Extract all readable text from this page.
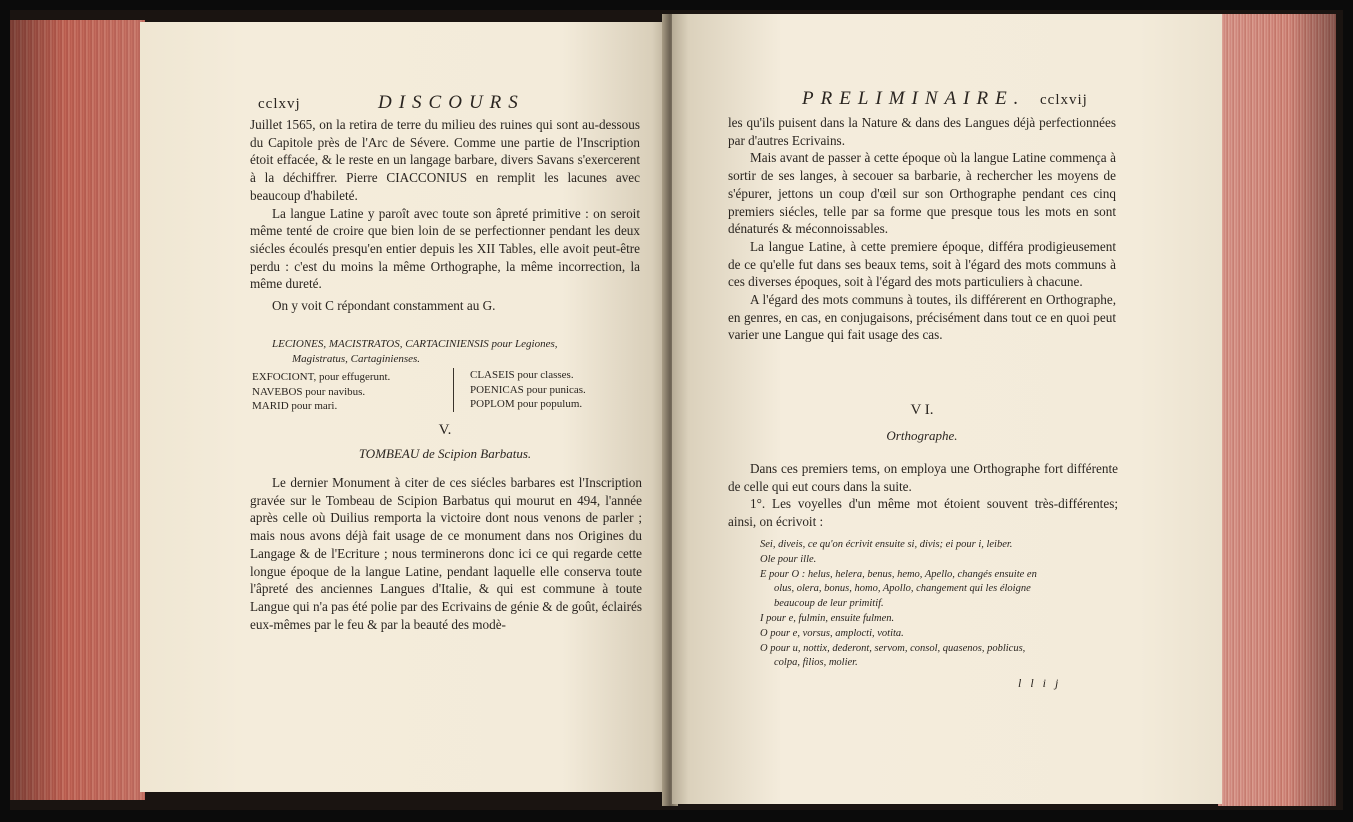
cclxvj	DISCOURS

Juillet 1565, on la retira de terre du milieu des ruines qui sont au-dessous du Capitole près de l'Arc de Sévere. Comme une partie de l'Inscription étoit effacée, & le reste en un langage barbare, divers Savans s'exercerent à la déchiffrer. Pierre CIACCONIUS en remplit les lacunes avec beaucoup d'habileté.

La langue Latine y paroît avec toute son âpreté primitive : on seroit même tenté de croire que bien loin de se perfectionner pendant les deux siécles écoulés presqu'en entier depuis les XII Tables, elle avoit peut-être perdu : c'est du moins la même Orthographe, la même incorrection, la même dureté.

On y voit C répondant constamment au G.

LECIONES, MACISTRATOS, CARTACINIENSIS pour Legiones,
Magistratus, Cartaginienses.
EXFOCIONT, pour effugerunt.
NAVEBOS pour navibus.
MARID pour mari.
CLASEIS pour classes.
POENICAS pour punicas.
POPLOM pour populum.
V.
TOMBEAU de Scipion Barbatus.

Le dernier Monument à citer de ces siécles barbares est l'Inscription gravée sur le Tombeau de Scipion Barbatus qui mourut en 494, l'année après celle où Duilius remporta la victoire dont nous venons de parler ; mais nous avons déjà fait usage de ce monument dans nos Origines du Langage & de l'Ecriture ; nous terminerons donc ici ce qui regarde cette longue époque de la langue Latine, pendant laquelle elle conserva toute l'âpreté des anciennes Langues d'Italie, & qui est commune à toute Langue qui n'a pas été polie par des Ecrivains de génie & de goût, éclairés eux-mêmes par le feu & par la beauté des modè-

PRELIMINAIRE. cclxvij

les qu'ils puisent dans la Nature & dans des Langues déjà perfectionnées par d'autres Ecrivains.

Mais avant de passer à cette époque où la langue Latine commença à sortir de ses langes, à secouer sa barbarie, à rechercher les moyens de s'épurer, jettons un coup d'œil sur son Orthographe pendant ces cinq premiers siécles, telle par sa forme que presque tous les mots en sont dénaturés & méconnoissables.

La langue Latine, à cette premiere époque, différa prodigieusement de ce qu'elle fut dans ses beaux tems, soit à l'égard des mots communs à ces diverses époques, soit à l'égard des mots particuliers à chacune.

A l'égard des mots communs à toutes, ils différerent en Orthographe, en genres, en cas, en conjugaisons, précisément dans tout ce en quoi peut varier une Langue qui fait usage des cas.

V I.
Orthographe.

Dans ces premiers tems, on employa une Orthographe fort différente de celle qui eut cours dans la suite.

1°. Les voyelles d'un même mot étoient souvent très-différentes; ainsi, on écrivoit :

Sei, diveis, ce qu'on écrivit ensuite si, divis; ei pour i, leiber.
Ole pour ille.
E pour O : helus, helera, benus, hemo, Apello, changés ensuite en
olus, olera, bonus, homo, Apollo, changement qui les éloigne
beaucoup de leur primitif.
I pour e, fulmin, ensuite fulmen.
O pour e, vorsus, amplocti, votita.
O pour u, nottix, dederont, servom, consol, quasenos, poblicus,
colpa, filios, molier.
l l i j
